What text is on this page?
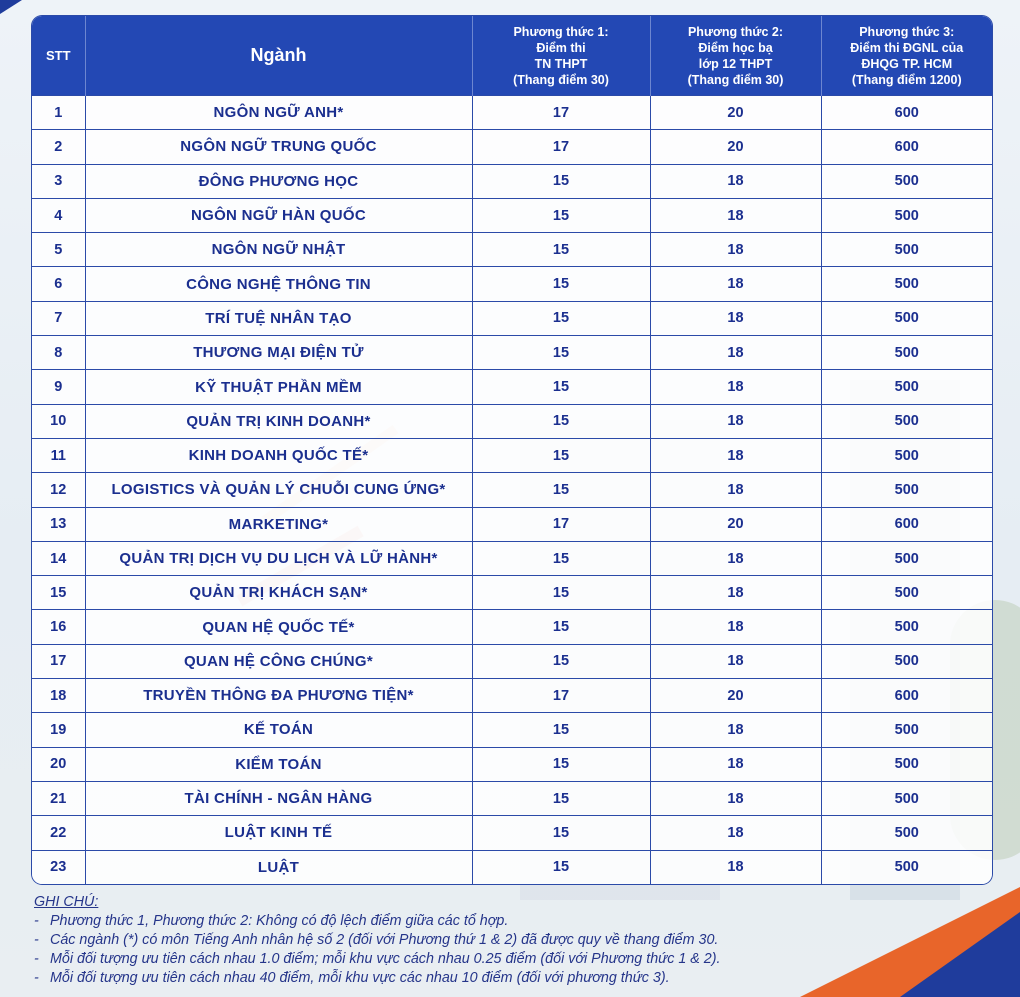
STT	Ngành	Phương thức 1:
Điểm thi
TN THPT
(Thang điểm 30)	Phương thức 2:
Điểm học bạ
lớp 12 THPT
(Thang điểm 30)	Phương thức 3:
Điểm thi ĐGNL của
ĐHQG TP. HCM
(Thang điểm 1200)

1	NGÔN NGỮ ANH*	17	20	600
2	NGÔN NGỮ TRUNG QUỐC	17	20	600
3	ĐÔNG PHƯƠNG HỌC	15	18	500
4	NGÔN NGỮ HÀN QUỐC	15	18	500
5	NGÔN NGỮ NHẬT	15	18	500
6	CÔNG NGHỆ THÔNG TIN	15	18	500
7	TRÍ TUỆ NHÂN TẠO	15	18	500
8	THƯƠNG MẠI ĐIỆN TỬ	15	18	500
9	KỸ THUẬT PHẦN MỀM	15	18	500
10	QUẢN TRỊ KINH DOANH*	15	18	500
11	KINH DOANH QUỐC TẾ*	15	18	500
12	LOGISTICS VÀ QUẢN LÝ CHUỖI CUNG ỨNG*	15	18	500
13	MARKETING*	17	20	600
14	QUẢN TRỊ DỊCH VỤ DU LỊCH VÀ LỮ HÀNH*	15	18	500
15	QUẢN TRỊ KHÁCH SẠN*	15	18	500
16	QUAN HỆ QUỐC TẾ*	15	18	500
17	QUAN HỆ CÔNG CHÚNG*	15	18	500
18	TRUYỀN THÔNG ĐA PHƯƠNG TIỆN*	17	20	600
19	KẾ TOÁN	15	18	500
20	KIỂM TOÁN	15	18	500
21	TÀI CHÍNH - NGÂN HÀNG	15	18	500
22	LUẬT KINH TẾ	15	18	500
23	LUẬT	15	18	500
GHI CHÚ:
- Phương thức 1, Phương thức 2: Không có độ lệch điểm giữa các tổ hợp.
- Các ngành (*) có môn Tiếng Anh nhân hệ số 2 (đối với Phương thứ 1 & 2) đã được quy về thang điểm 30.
- Mỗi đối tượng ưu tiên cách nhau 1.0 điểm; mỗi khu vực cách nhau 0.25 điểm (đối với Phương thức 1 & 2).
- Mỗi đối tượng ưu tiên cách nhau 40 điểm, mỗi khu vực các nhau 10 điểm (đối với phương thức 3).
